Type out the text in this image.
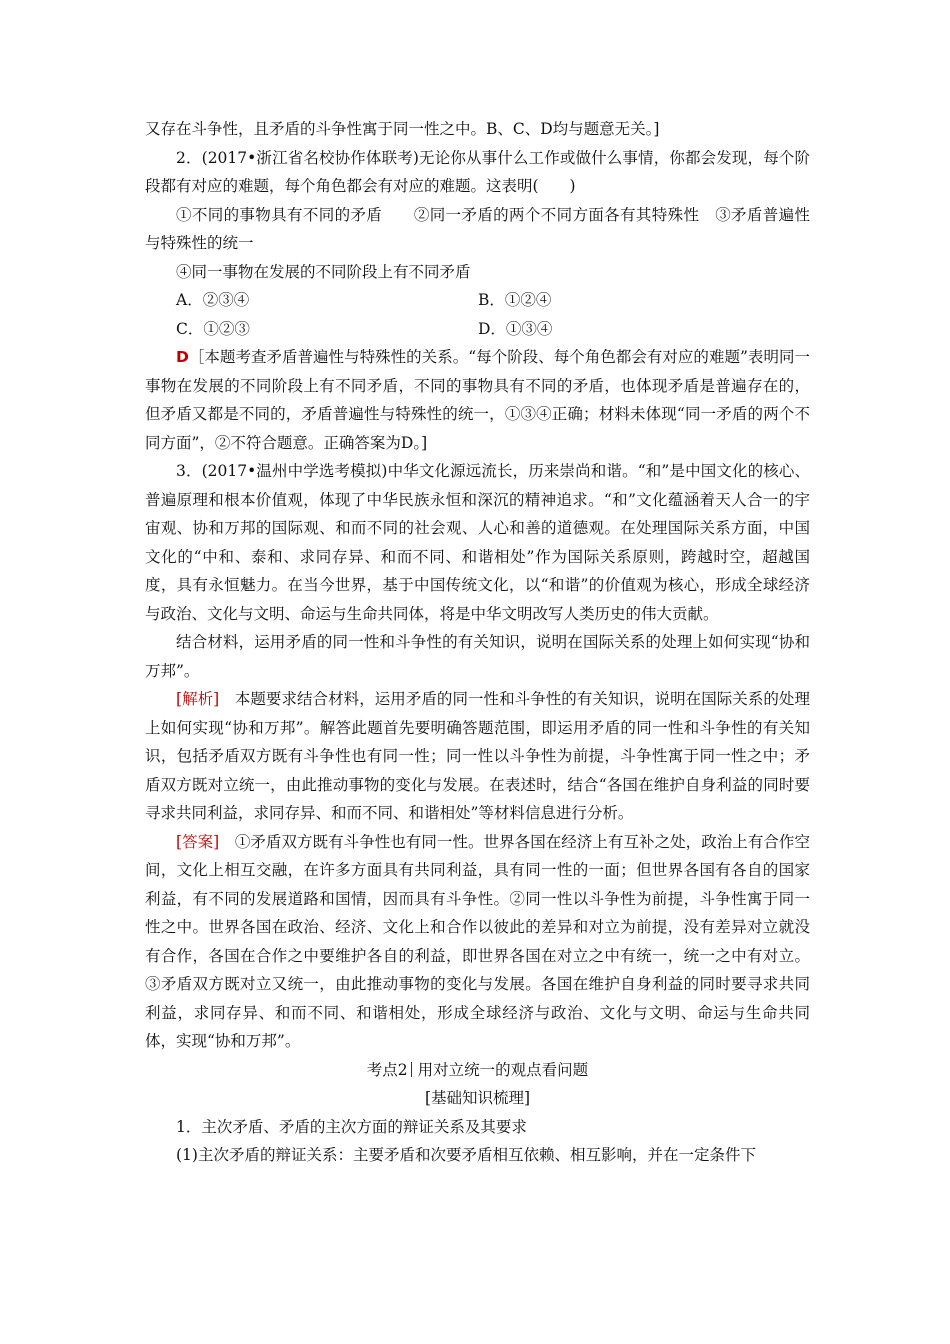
又存在斗争性，且矛盾的斗争性寓于同一性之中。B、C、D均与题意无关。]

2．(2017•浙江省名校协作体联考)无论你从事什么工作或做什么事情，你都会发现，每个阶段都有对应的难题，每个角色都会有对应的难题。这表明(　　)

①不同的事物具有不同的矛盾　　②同一矛盾的两个不同方面各有其特殊性　③矛盾普遍性与特殊性的统一

④同一事物在发展的不同阶段上有不同矛盾

A．②③④	B．①②④
C．①②③	D．①③④

D［本题考查矛盾普遍性与特殊性的关系。“每个阶段、每个角色都会有对应的难题”表明同一事物在发展的不同阶段上有不同矛盾，不同的事物具有不同的矛盾，也体现矛盾是普遍存在的，但矛盾又都是不同的，矛盾普遍性与特殊性的统一，①③④正确；材料未体现“同一矛盾的两个不同方面”，②不符合题意。正确答案为D。]

3．(2017•温州中学选考模拟)中华文化源远流长，历来崇尚和谐。“和”是中国文化的核心、普遍原理和根本价值观，体现了中华民族永恒和深沉的精神追求。“和”文化蕴涵着天人合一的宇宙观、协和万邦的国际观、和而不同的社会观、人心和善的道德观。在处理国际关系方面，中国文化的“中和、泰和、求同存异、和而不同、和谐相处”作为国际关系原则，跨越时空，超越国度，具有永恒魅力。在当今世界，基于中国传统文化，以“和谐”的价值观为核心，形成全球经济与政治、文化与文明、命运与生命共同体，将是中华文明改写人类历史的伟大贡献。

结合材料，运用矛盾的同一性和斗争性的有关知识，说明在国际关系的处理上如何实现“协和万邦”。

[解析]　本题要求结合材料，运用矛盾的同一性和斗争性的有关知识，说明在国际关系的处理上如何实现“协和万邦”。解答此题首先要明确答题范围，即运用矛盾的同一性和斗争性的有关知识，包括矛盾双方既有斗争性也有同一性；同一性以斗争性为前提，斗争性寓于同一性之中；矛盾双方既对立统一，由此推动事物的变化与发展。在表述时，结合“各国在维护自身利益的同时要寻求共同利益，求同存异、和而不同、和谐相处”等材料信息进行分析。

[答案]　①矛盾双方既有斗争性也有同一性。世界各国在经济上有互补之处，政治上有合作空间，文化上相互交融，在许多方面具有共同利益，具有同一性的一面；但世界各国有各自的国家利益，有不同的发展道路和国情，因而具有斗争性。②同一性以斗争性为前提，斗争性寓于同一性之中。世界各国在政治、经济、文化上和合作以彼此的差异和对立为前提，没有差异对立就没有合作，各国在合作之中要维护各自的利益，即世界各国在对立之中有统一，统一之中有对立。③矛盾双方既对立又统一，由此推动事物的变化与发展。各国在维护自身利益的同时要寻求共同利益，求同存异、和而不同、和谐相处，形成全球经济与政治、文化与文明、命运与生命共同体，实现“协和万邦”。

考点2 用对立统一的观点看问题

[基础知识梳理]

1．主次矛盾、矛盾的主次方面的辩证关系及其要求

(1)主次矛盾的辩证关系：主要矛盾和次要矛盾相互依赖、相互影响，并在一定条件下
